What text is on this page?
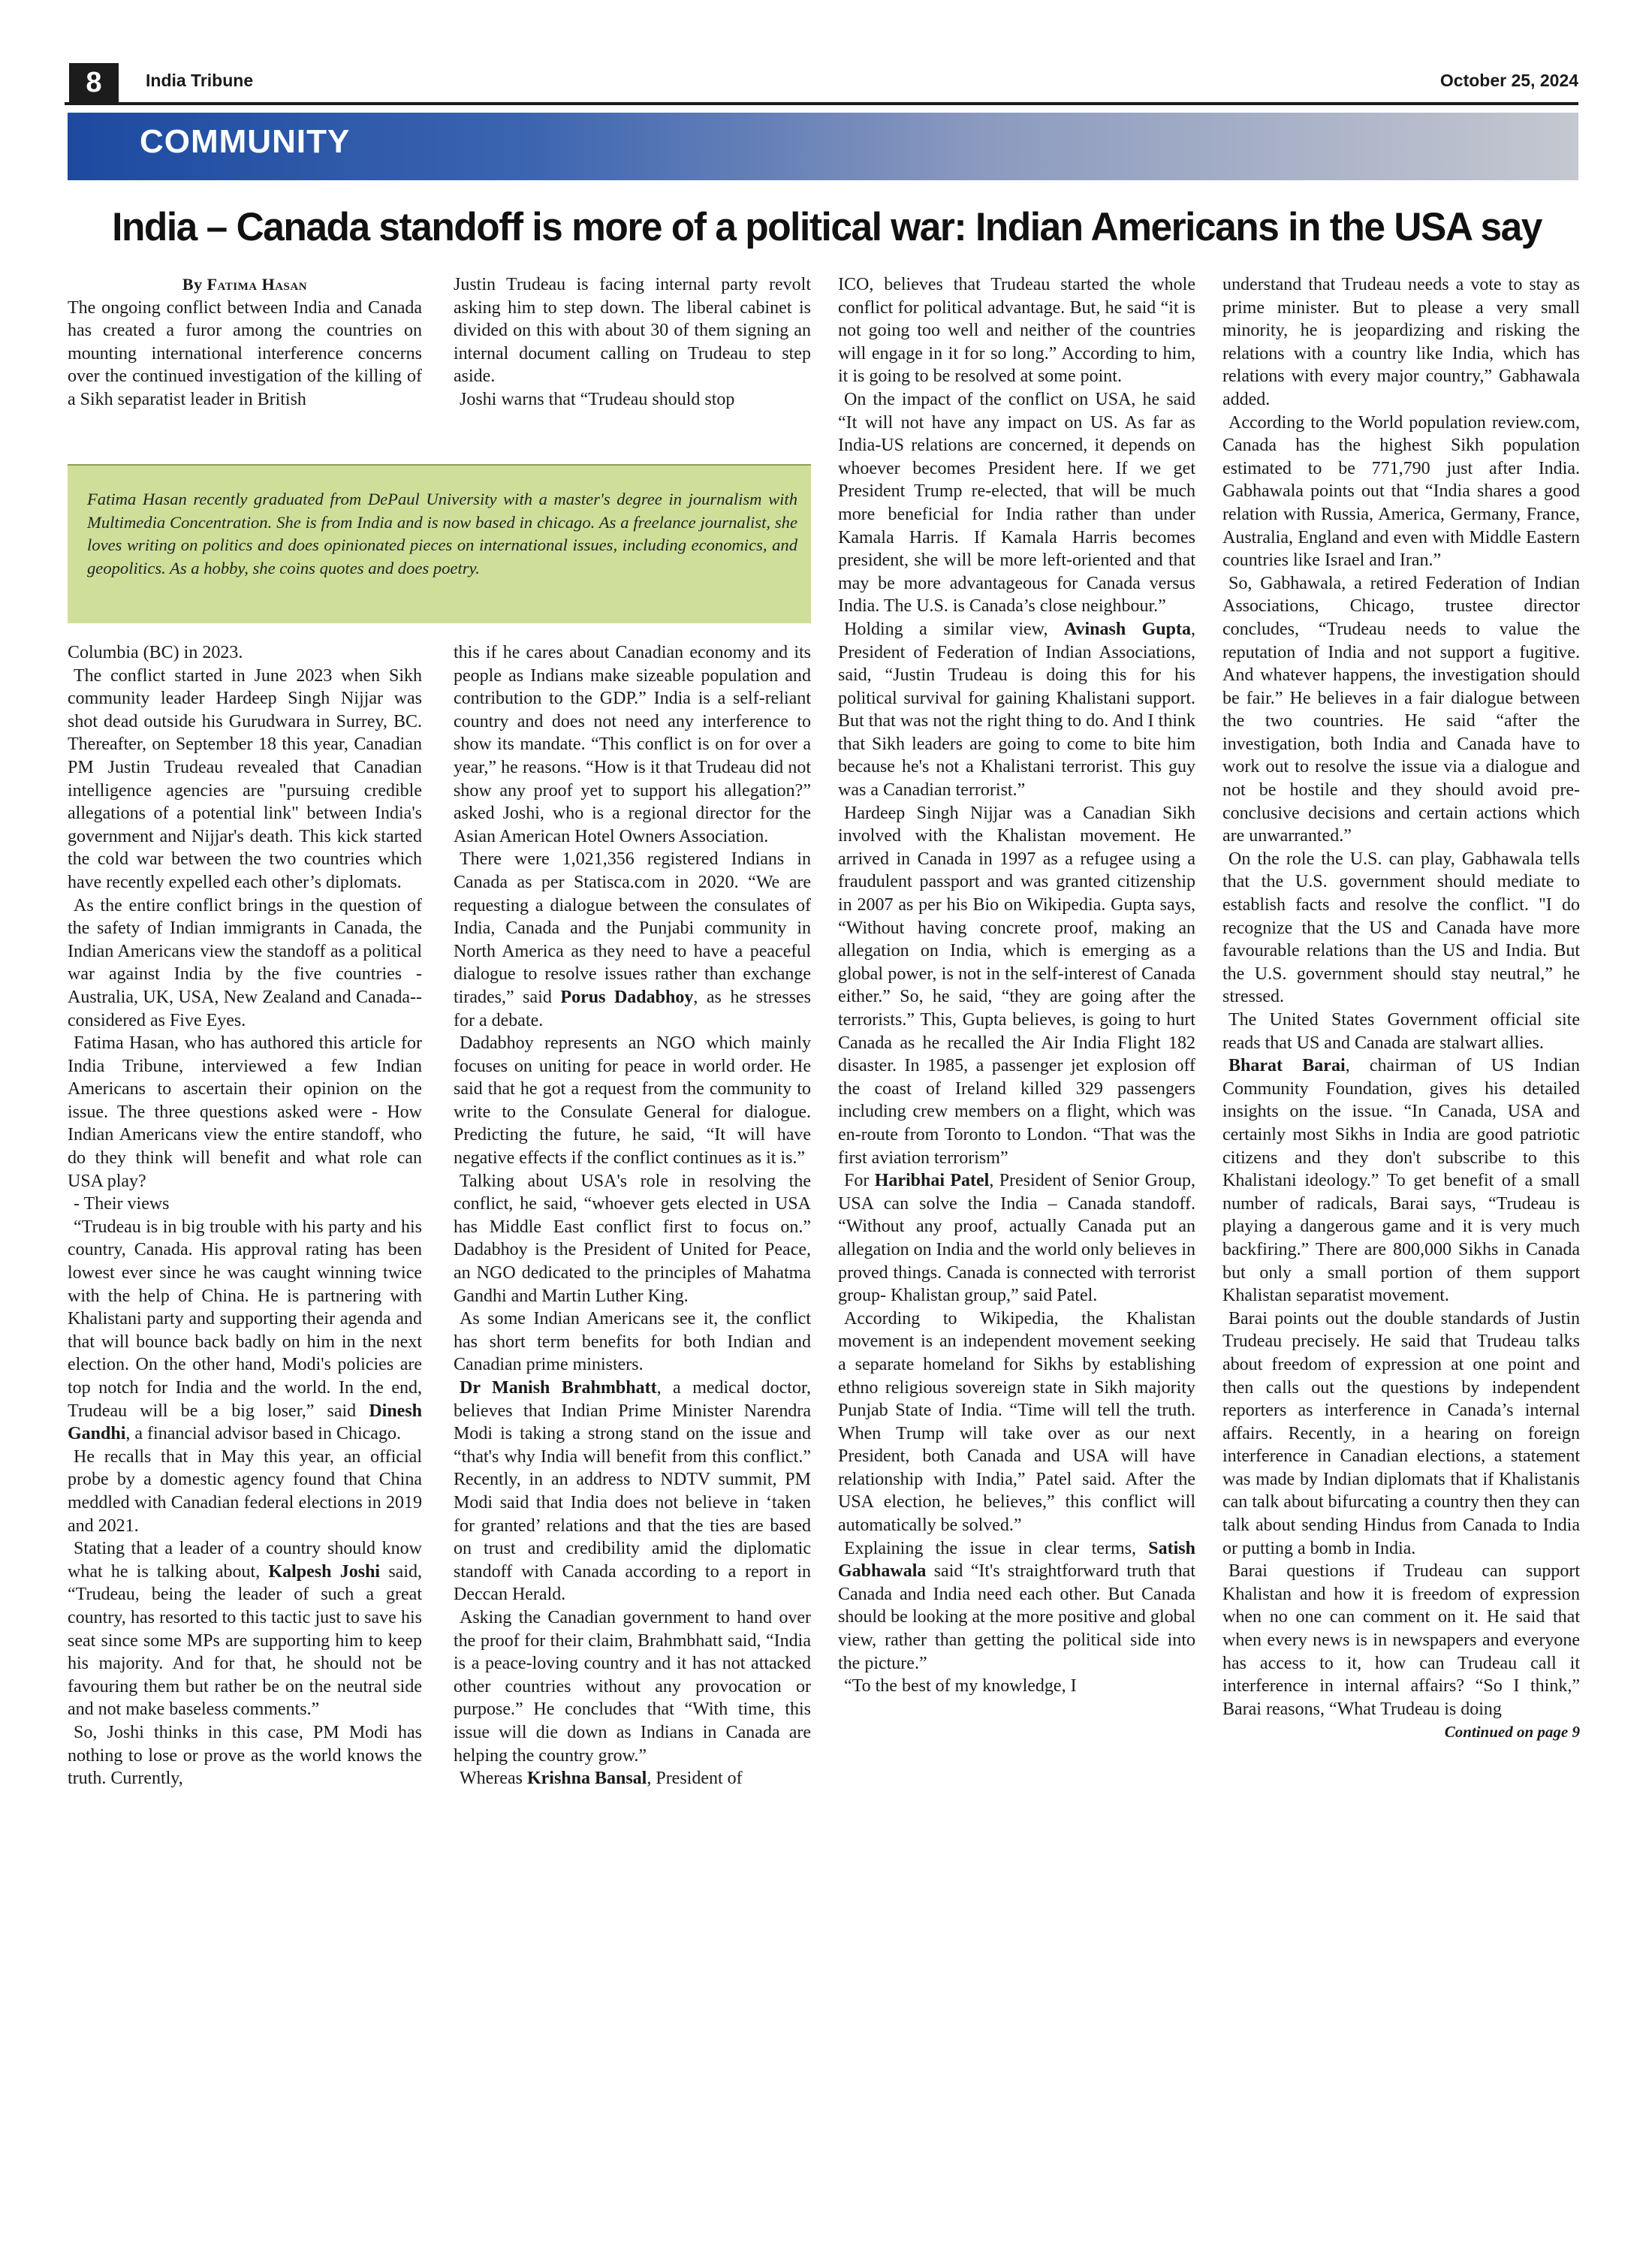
8	India Tribune	October 25, 2024
COMMUNITY
India – Canada standoff is more of a political war: Indian Americans in the USA say

By Fatima Hasan

The ongoing conflict between India and Canada has created a furor among the countries on mounting international interference concerns over the continued investigation of the killing of a Sikh separatist leader in British

Justin Trudeau is facing internal party revolt asking him to step down. The liberal cabinet is divided on this with about 30 of them signing an internal document calling on Trudeau to step aside.

Joshi warns that “Trudeau should stop

Fatima Hasan recently graduated from DePaul University with a master's degree in journalism with Multimedia Concentration. She is from India and is now based in chicago. As a freelance journalist, she loves writing on politics and does opinionated pieces on international issues, including economics, and geopolitics. As a hobby, she coins quotes and does poetry.

Columbia (BC) in 2023.

The conflict started in June 2023 when Sikh community leader Hardeep Singh Nijjar was shot dead outside his Gurudwara in Surrey, BC. Thereafter, on September 18 this year, Canadian PM Justin Trudeau revealed that Canadian intelligence agencies are "pursuing credible allegations of a potential link" between India's government and Nijjar's death. This kick started the cold war between the two countries which have recently expelled each other’s diplomats.

As the entire conflict brings in the question of the safety of Indian immigrants in Canada, the Indian Americans view the standoff as a political war against India by the five countries - Australia, UK, USA, New Zealand and Canada--considered as Five Eyes.

Fatima Hasan, who has authored this article for India Tribune, interviewed a few Indian Americans to ascertain their opinion on the issue. The three questions asked were - How Indian Americans view the entire standoff, who do they think will benefit and what role can USA play?

- Their views

“Trudeau is in big trouble with his party and his country, Canada. His approval rating has been lowest ever since he was caught winning twice with the help of China. He is partnering with Khalistani party and supporting their agenda and that will bounce back badly on him in the next election. On the other hand, Modi's policies are top notch for India and the world. In the end, Trudeau will be a big loser,” said Dinesh Gandhi, a financial advisor based in Chicago.

He recalls that in May this year, an official probe by a domestic agency found that China meddled with Canadian federal elections in 2019 and 2021.

Stating that a leader of a country should know what he is talking about, Kalpesh Joshi said, “Trudeau, being the leader of such a great country, has resorted to this tactic just to save his seat since some MPs are supporting him to keep his majority. And for that, he should not be favouring them but rather be on the neutral side and not make baseless comments.”

So, Joshi thinks in this case, PM Modi has nothing to lose or prove as the world knows the truth. Currently,

this if he cares about Canadian economy and its people as Indians make sizeable population and contribution to the GDP.” India is a self-reliant country and does not need any interference to show its mandate. “This conflict is on for over a year,” he reasons. “How is it that Trudeau did not show any proof yet to support his allegation?” asked Joshi, who is a regional director for the Asian American Hotel Owners Association.

There were 1,021,356 registered Indians in Canada as per Statisca.com in 2020. “We are requesting a dialogue between the consulates of India, Canada and the Punjabi community in North America as they need to have a peaceful dialogue to resolve issues rather than exchange tirades,” said Porus Dadabhoy, as he stresses for a debate.

Dadabhoy represents an NGO which mainly focuses on uniting for peace in world order. He said that he got a request from the community to write to the Consulate General for dialogue. Predicting the future, he said, “It will have negative effects if the conflict continues as it is.”

Talking about USA's role in resolving the conflict, he said, “whoever gets elected in USA has Middle East conflict first to focus on.” Dadabhoy is the President of United for Peace, an NGO dedicated to the principles of Mahatma Gandhi and Martin Luther King.

As some Indian Americans see it, the conflict has short term benefits for both Indian and Canadian prime ministers.

Dr Manish Brahmbhatt, a medical doctor, believes that Indian Prime Minister Narendra Modi is taking a strong stand on the issue and “that's why India will benefit from this conflict.” Recently, in an address to NDTV summit, PM Modi said that India does not believe in ‘taken for granted’ relations and that the ties are based on trust and credibility amid the diplomatic standoff with Canada according to a report in Deccan Herald.

Asking the Canadian government to hand over the proof for their claim, Brahmbhatt said, “India is a peace-loving country and it has not attacked other countries without any provocation or purpose.” He concludes that “With time, this issue will die down as Indians in Canada are helping the country grow.”

Whereas Krishna Bansal, President of

ICO, believes that Trudeau started the whole conflict for political advantage. But, he said “it is not going too well and neither of the countries will engage in it for so long.” According to him, it is going to be resolved at some point.

On the impact of the conflict on USA, he said “It will not have any impact on US. As far as India-US relations are concerned, it depends on whoever becomes President here. If we get President Trump re-elected, that will be much more beneficial for India rather than under Kamala Harris. If Kamala Harris becomes president, she will be more left-oriented and that may be more advantageous for Canada versus India. The U.S. is Canada’s close neighbour.”

Holding a similar view, Avinash Gupta, President of Federation of Indian Associations, said, “Justin Trudeau is doing this for his political survival for gaining Khalistani support. But that was not the right thing to do. And I think that Sikh leaders are going to come to bite him because he's not a Khalistani terrorist. This guy was a Canadian terrorist.”

Hardeep Singh Nijjar was a Canadian Sikh involved with the Khalistan movement. He arrived in Canada in 1997 as a refugee using a fraudulent passport and was granted citizenship in 2007 as per his Bio on Wikipedia. Gupta says, “Without having concrete proof, making an allegation on India, which is emerging as a global power, is not in the self-interest of Canada either.” So, he said, “they are going after the terrorists.” This, Gupta believes, is going to hurt Canada as he recalled the Air India Flight 182 disaster. In 1985, a passenger jet explosion off the coast of Ireland killed 329 passengers including crew members on a flight, which was en-route from Toronto to London. “That was the first aviation terrorism”

For Haribhai Patel, President of Senior Group, USA can solve the India – Canada standoff. “Without any proof, actually Canada put an allegation on India and the world only believes in proved things. Canada is connected with terrorist group- Khalistan group,” said Patel.

According to Wikipedia, the Khalistan movement is an independent movement seeking a separate homeland for Sikhs by establishing ethno religious sovereign state in Sikh majority Punjab State of India. “Time will tell the truth. When Trump will take over as our next President, both Canada and USA will have relationship with India,” Patel said. After the USA election, he believes,” this conflict will automatically be solved.”

Explaining the issue in clear terms, Satish Gabhawala said “It's straightforward truth that Canada and India need each other. But Canada should be looking at the more positive and global view, rather than getting the political side into the picture.”

“To the best of my knowledge, I

understand that Trudeau needs a vote to stay as prime minister. But to please a very small minority, he is jeopardizing and risking the relations with a country like India, which has relations with every major country,” Gabhawala added.

According to the World population review.com, Canada has the highest Sikh population estimated to be 771,790 just after India. Gabhawala points out that “India shares a good relation with Russia, America, Germany, France, Australia, England and even with Middle Eastern countries like Israel and Iran.”

So, Gabhawala, a retired Federation of Indian Associations, Chicago, trustee director concludes, “Trudeau needs to value the reputation of India and not support a fugitive. And whatever happens, the investigation should be fair.” He believes in a fair dialogue between the two countries. He said “after the investigation, both India and Canada have to work out to resolve the issue via a dialogue and not be hostile and they should avoid pre-conclusive decisions and certain actions which are unwarranted.”

On the role the U.S. can play, Gabhawala tells that the U.S. government should mediate to establish facts and resolve the conflict. "I do recognize that the US and Canada have more favourable relations than the US and India. But the U.S. government should stay neutral,” he stressed.

The United States Government official site reads that US and Canada are stalwart allies.

Bharat Barai, chairman of US Indian Community Foundation, gives his detailed insights on the issue. “In Canada, USA and certainly most Sikhs in India are good patriotic citizens and they don't subscribe to this Khalistani ideology.” To get benefit of a small number of radicals, Barai says, “Trudeau is playing a dangerous game and it is very much backfiring.” There are 800,000 Sikhs in Canada but only a small portion of them support Khalistan separatist movement.

Barai points out the double standards of Justin Trudeau precisely. He said that Trudeau talks about freedom of expression at one point and then calls out the questions by independent reporters as interference in Canada’s internal affairs. Recently, in a hearing on foreign interference in Canadian elections, a statement was made by Indian diplomats that if Khalistanis can talk about bifurcating a country then they can talk about sending Hindus from Canada to India or putting a bomb in India.

Barai questions if Trudeau can support Khalistan and how it is freedom of expression when no one can comment on it. He said that when every news is in newspapers and everyone has access to it, how can Trudeau call it interference in internal affairs? “So I think,” Barai reasons, “What Trudeau is doing

Continued on page 9
